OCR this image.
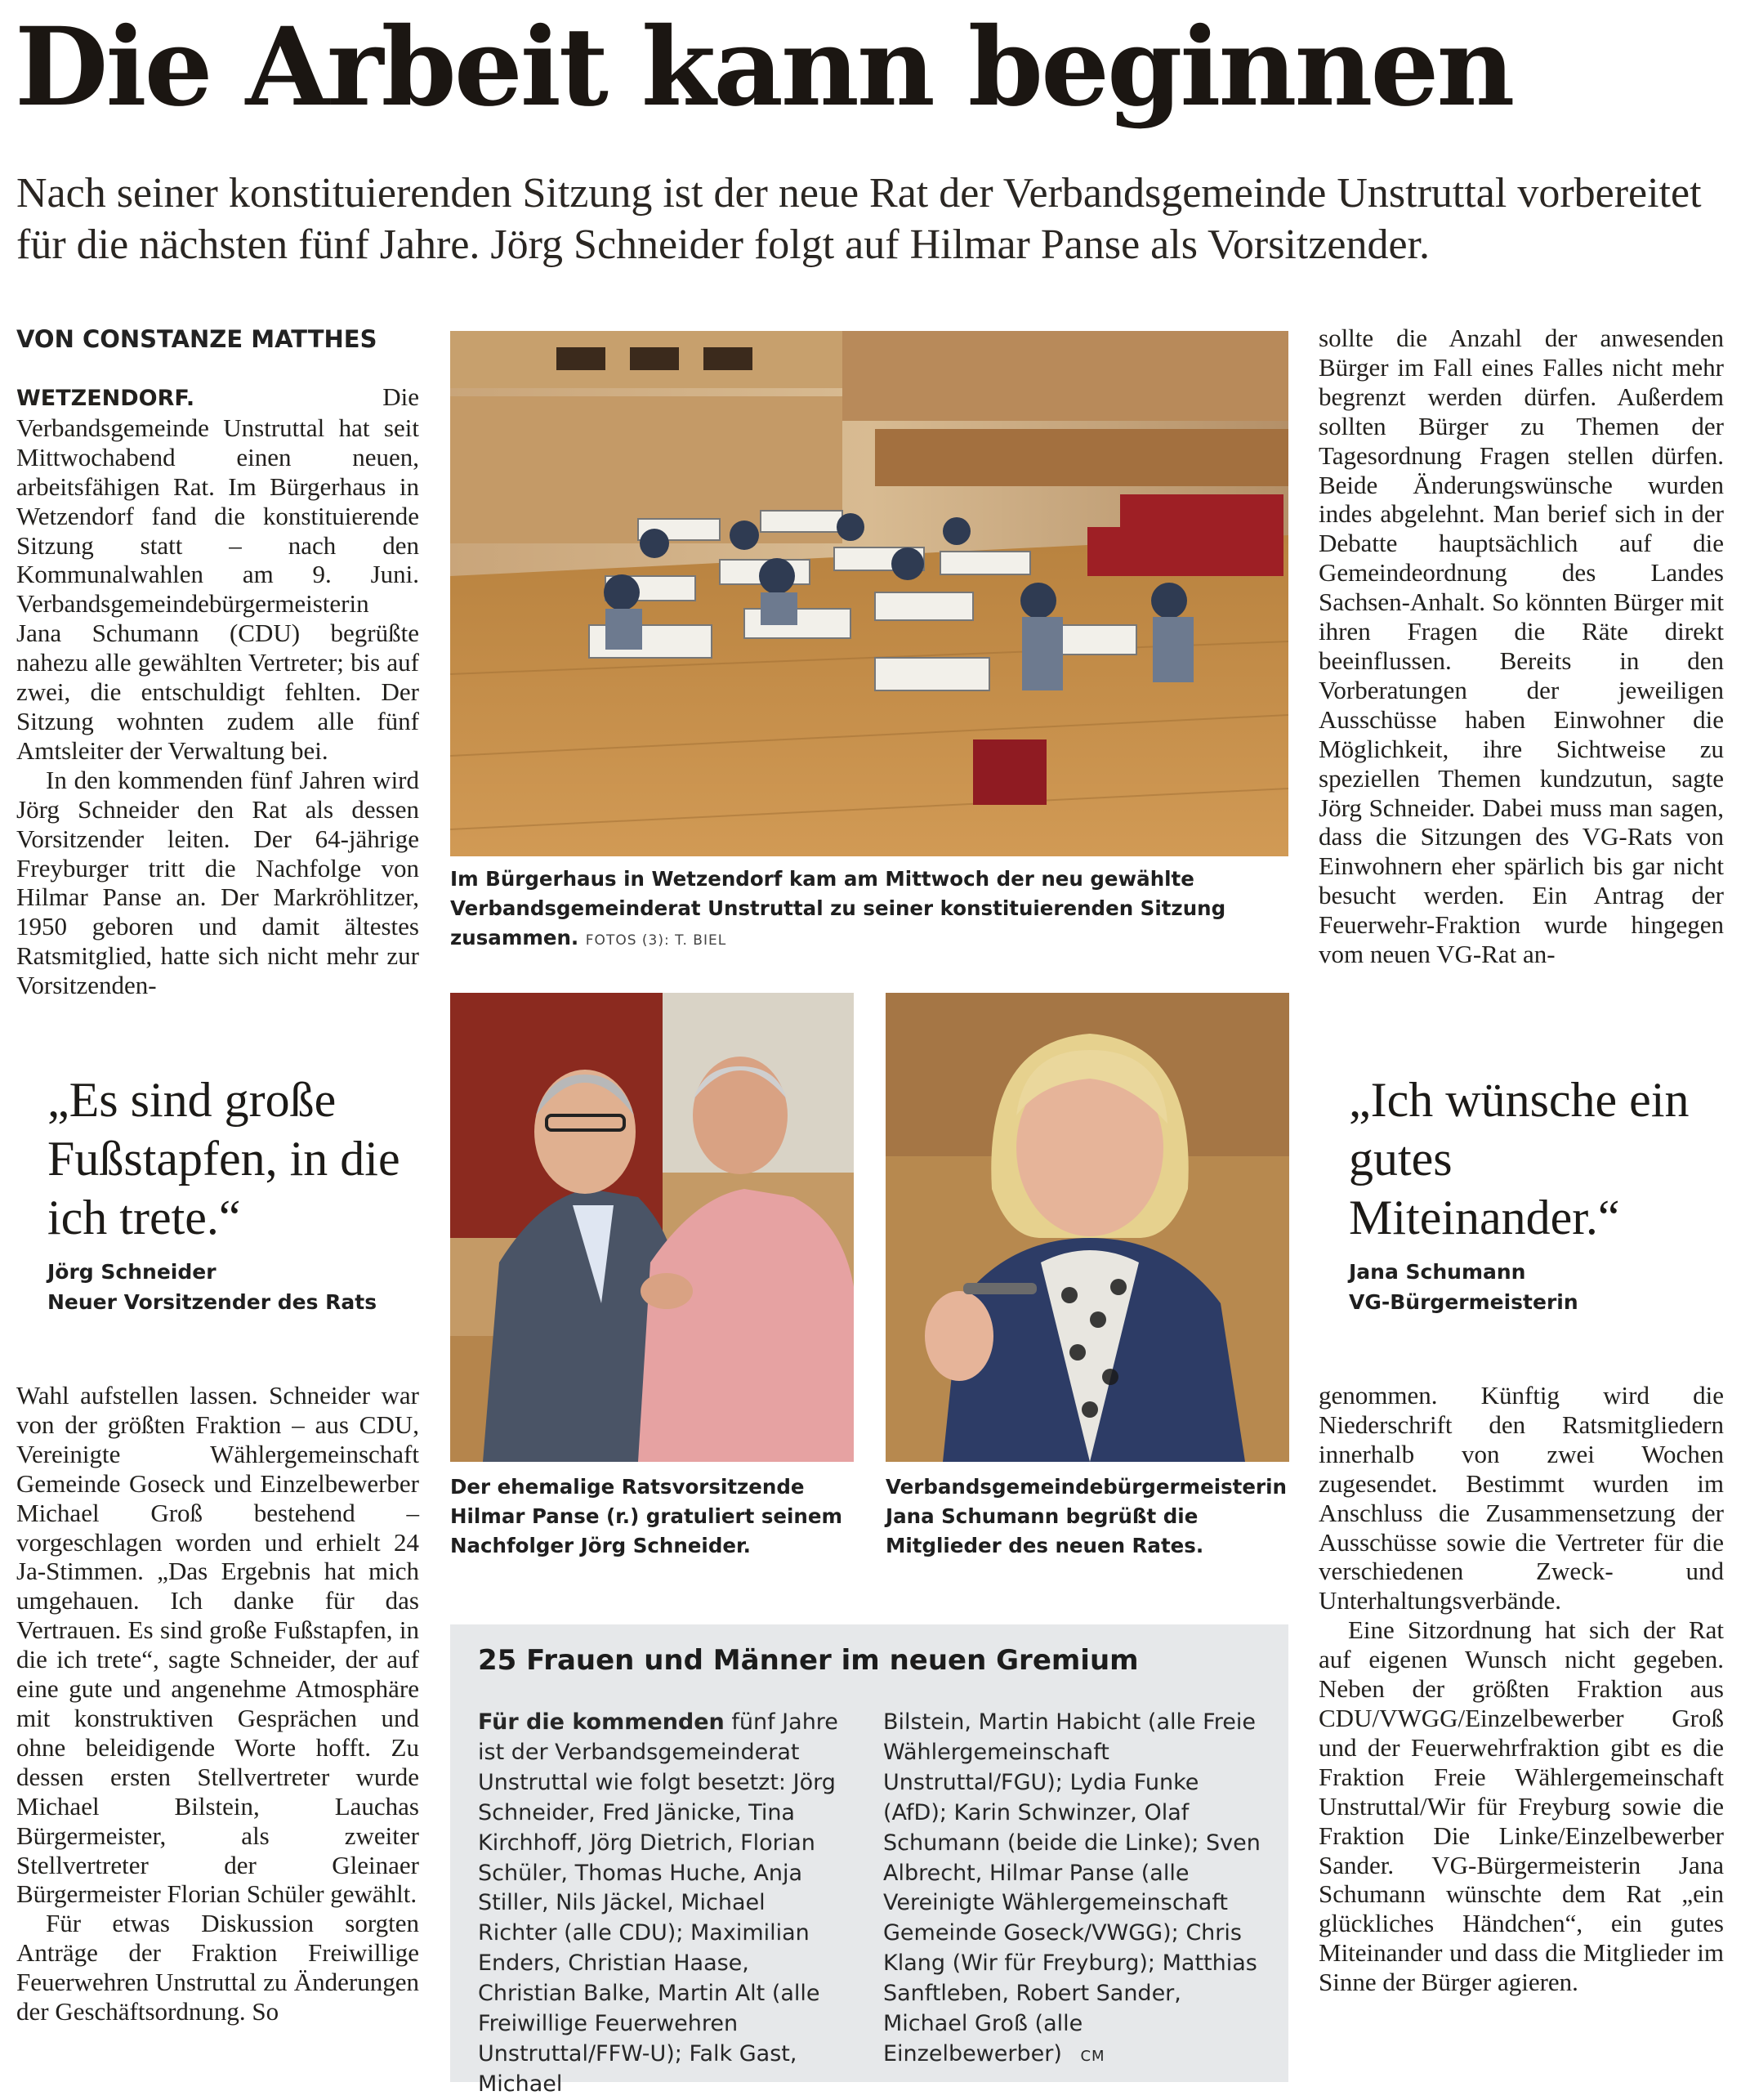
Die Arbeit kann beginnen
Nach seiner konstituierenden Sitzung ist der neue Rat der Verbandsgemeinde Unstruttal vorbereitet für die nächsten fünf Jahre. Jörg Schneider folgt auf Hilmar Panse als Vorsitzender.
VON CONSTANZE MATTHES

WETZENDORF.	Die Verbandsgemeinde Unstruttal hat seit Mittwochabend einen neuen, arbeitsfähigen Rat. Im Bürgerhaus in Wetzendorf fand die konstituierende Sitzung statt – nach den Kommunalwahlen am 9. Juni. Verbandsgemeindebürgermeisterin Jana Schumann (CDU) begrüßte nahezu alle gewählten Vertreter; bis auf zwei, die entschuldigt fehlten. Der Sitzung wohnten zudem alle fünf Amtsleiter der Verwaltung bei.

In den kommenden fünf Jahren wird Jörg Schneider den Rat als dessen Vorsitzender leiten. Der 64-jährige Freyburger tritt die Nachfolge von Hilmar Panse an. Der Markröhlitzer, 1950 geboren und damit ältestes Ratsmitglied, hatte sich nicht mehr zur Vorsitzenden-

Im Bürgerhaus in Wetzendorf kam am Mittwoch der neu gewählte Verbandsgemeinderat Unstruttal zu seiner konstituierenden Sitzung zusammen. FOTOS (3): T. BIEL

sollte die Anzahl der anwesenden Bürger im Fall eines Falles nicht mehr begrenzt werden dürfen. Außerdem sollten Bürger zu Themen der Tagesordnung Fragen stellen dürfen. Beide Änderungswünsche wurden indes abgelehnt. Man berief sich in der Debatte hauptsächlich auf die Gemeindeordnung des Landes Sachsen-Anhalt. So könnten Bürger mit ihren Fragen die Räte direkt beeinflussen. Bereits in den Vorberatungen der jeweiligen Ausschüsse haben Einwohner die Möglichkeit, ihre Sichtweise zu speziellen Themen kundzutun, sagte Jörg Schneider. Dabei muss man sagen, dass die Sitzungen des VG-Rats von Einwohnern eher spärlich bis gar nicht besucht werden. Ein Antrag der Feuerwehr-Fraktion wurde hingegen vom neuen VG-Rat an-

„Es sind große Fußstapfen, in die ich trete.“
Jörg Schneider
Neuer Vorsitzender des Rats
„Ich wünsche ein gutes Miteinander.“
Jana Schumann
VG-Bürgermeisterin
Der ehemalige Ratsvorsitzende Hilmar Panse (r.) gratuliert seinem Nachfolger Jörg Schneider.
Verbandsgemeindebürgermeisterin Jana Schumann begrüßt die Mitglieder des neuen Rates.

Wahl aufstellen lassen. Schneider war von der größten Fraktion – aus CDU, Vereinigte Wählergemeinschaft Gemeinde Goseck und Einzelbewerber Michael Groß bestehend – vorgeschlagen worden und erhielt 24 Ja-Stimmen. „Das Ergebnis hat mich umgehauen. Ich danke für das Vertrauen. Es sind große Fußstapfen, in die ich trete“, sagte Schneider, der auf eine gute und angenehme Atmosphäre mit konstruktiven Gesprächen und ohne beleidigende Worte hofft. Zu dessen ersten Stellvertreter wurde Michael Bilstein, Lauchas Bürgermeister, als zweiter Stellvertreter der Gleinaer Bürgermeister Florian Schüler gewählt.

Für etwas Diskussion sorgten Anträge der Fraktion Freiwillige Feuerwehren Unstruttal zu Änderungen der Geschäftsordnung. So

genommen. Künftig wird die Niederschrift den Ratsmitgliedern innerhalb von zwei Wochen zugesendet. Bestimmt wurden im Anschluss die Zusammensetzung der Ausschüsse sowie die Vertreter für die verschiedenen Zweck- und Unterhaltungsverbände.

Eine Sitzordnung hat sich der Rat auf eigenen Wunsch nicht gegeben. Neben der größten Fraktion aus CDU/VWGG/Einzelbewerber Groß und der Feuerwehrfraktion gibt es die Fraktion Freie Wählergemeinschaft Unstruttal/Wir für Freyburg sowie die Fraktion Die Linke/Einzelbewerber Sander. VG-Bürgermeisterin Jana Schumann wünschte dem Rat „ein glückliches Händchen“, ein gutes Miteinander und dass die Mitglieder im Sinne der Bürger agieren.

25 Frauen und Männer im neuen Gremium
Für die kommenden fünf Jahre ist der Verbandsgemeinderat Unstruttal wie folgt besetzt: Jörg Schneider, Fred Jänicke, Tina Kirchhoff, Jörg Dietrich, Florian Schüler, Thomas Huche, Anja Stiller, Nils Jäckel, Michael Richter (alle CDU); Maximilian Enders, Christian Haase, Christian Balke, Martin Alt (alle Freiwillige Feuerwehren Unstruttal/FFW-U); Falk Gast, Michael
Bilstein, Martin Habicht (alle Freie Wählergemeinschaft Unstruttal/FGU); Lydia Funke (AfD); Karin Schwinzer, Olaf Schumann (beide die Linke); Sven Albrecht, Hilmar Panse (alle Vereinigte Wählergemeinschaft Gemeinde Goseck/VWGG); Chris Klang (Wir für Freyburg); Matthias Sanftleben, Robert Sander, Michael Groß (alle Einzelbewerber) CM
